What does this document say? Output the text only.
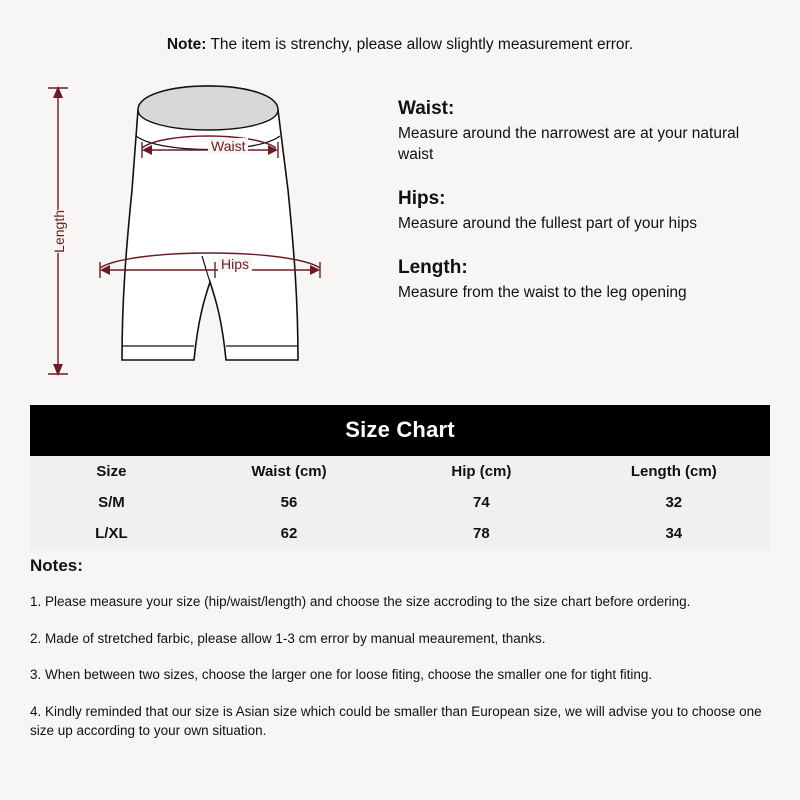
Note: The item is strenchy, please allow slightly measurement error.
Waist
Hips
Length
Waist:
Measure around the narrowest are at your natural waist
Hips:
Measure around the fullest part of your hips
Length:
Measure from the waist to the leg opening
Size Chart
Size	Waist (cm)	Hip (cm)	Length (cm)
S/M	56	74	32
L/XL	62	78	34
Notes:
1. Please measure your size (hip/waist/length) and choose the size accroding to the size chart before ordering.
2. Made of stretched farbic, please allow 1-3 cm error by manual meaurement, thanks.
3. When between two sizes, choose the larger one for loose fiting, choose the smaller one for tight fiting.
4. Kindly reminded that our size is Asian size which could be smaller than European size, we will advise you to choose one size up according to your own situation.
